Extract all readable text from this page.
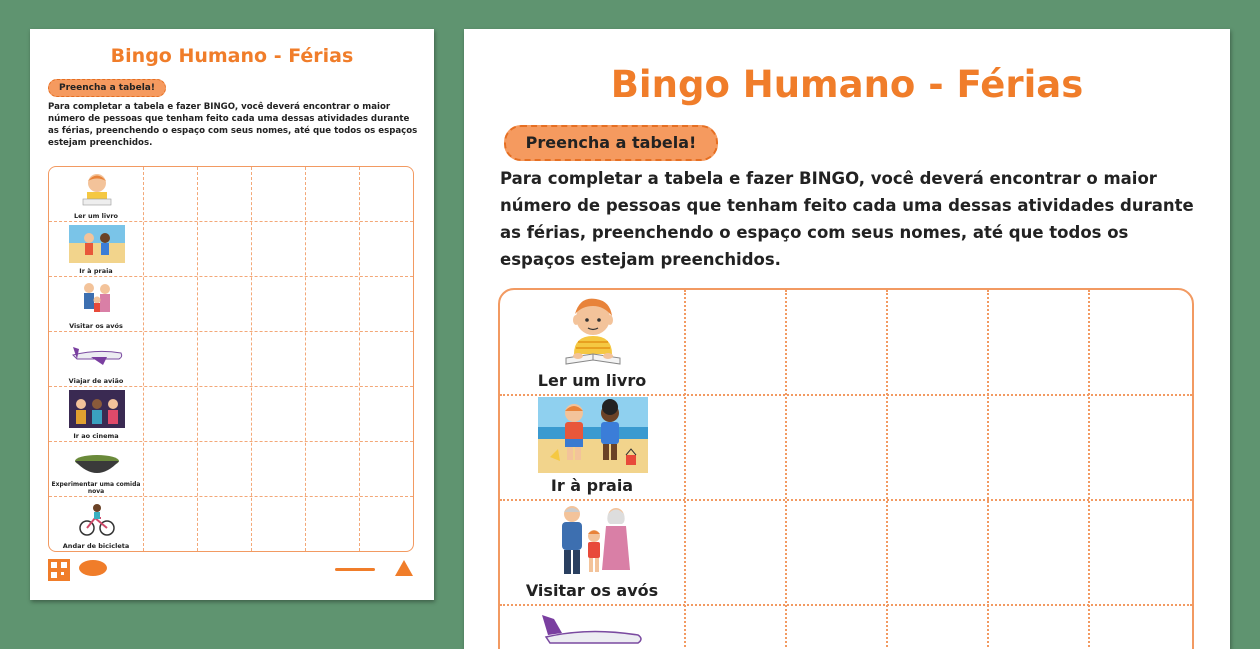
Bingo Humano - Férias
Preencha a tabela!
Para completar a tabela e fazer BINGO, você deverá encontrar o maior número de pessoas que tenham feito cada uma dessas atividades durante as férias, preenchendo o espaço com seus nomes, até que todos os espaços estejam preenchidos.
Ler um livro
Ir à praia
Visitar os avós
Viajar de avião
Ir ao cinema
Experimentar uma comida nova
Andar de bicicleta
Bingo Humano - Férias
Preencha a tabela!
Para completar a tabela e fazer BINGO, você deverá encontrar o maior número de pessoas que tenham feito cada uma dessas atividades durante as férias, preenchendo o espaço com seus nomes, até que todos os espaços estejam preenchidos.
Ler um livro
Ir à praia
Visitar os avós
